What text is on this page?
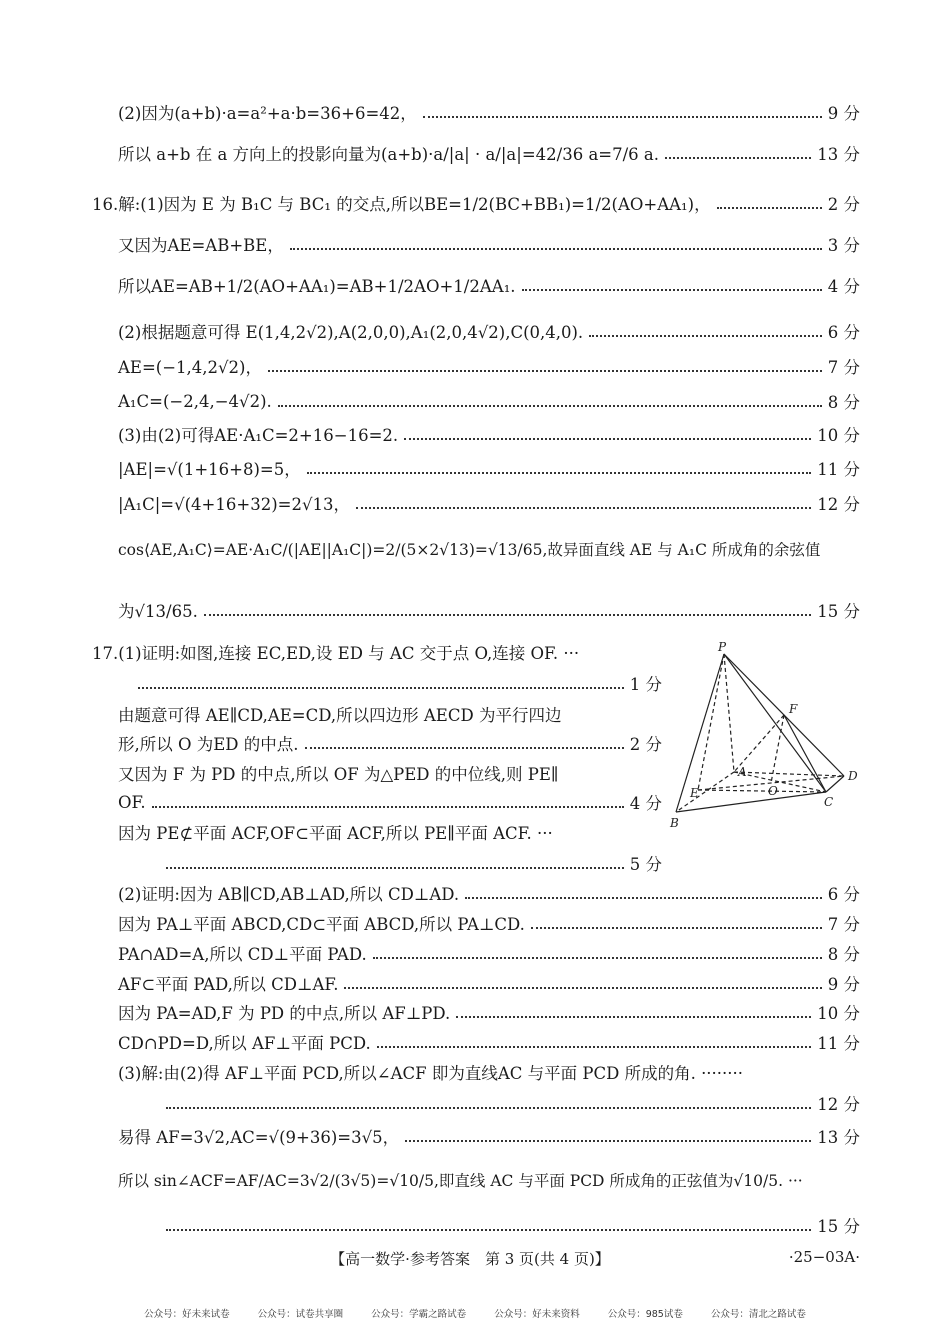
(2)因为(a+b)·a=a²+a·b=36+6=42，	9 分
所以 a+b 在 a 方向上的投影向量为(a+b)·a/|a| · a/|a|=42/36 a=7/6 a.	13 分
16.解:(1)因为 E 为 B₁C 与 BC₁ 的交点,所以BE=1/2(BC+BB₁)=1/2(AO+AA₁)，	2 分
又因为AE=AB+BE，	3 分
所以AE=AB+1/2(AO+AA₁)=AB+1/2AO+1/2AA₁.	4 分
(2)根据题意可得 E(1,4,2√2),A(2,0,0),A₁(2,0,4√2),C(0,4,0).	6 分
AE=(−1,4,2√2)，	7 分
A₁C=(−2,4,−4√2).	8 分
(3)由(2)可得AE·A₁C=2+16−16=2.	10 分
|AE|=√(1+16+8)=5，	11 分
|A₁C|=√(4+16+32)=2√13，	12 分
cos⟨AE,A₁C⟩=AE·A₁C/(|AE||A₁C|)=2/(5×2√13)=√13/65,故异面直线 AE 与 A₁C 所成角的余弦值
为√13/65.	15 分
17.(1)证明:如图,连接 EC,ED,设 ED 与 AC 交于点 O,连接 OF. ···
1 分
由题意可得 AE∥CD,AE=CD,所以四边形 AECD 为平行四边
形,所以 O 为ED 的中点.	2 分
又因为 F 为 PD 的中点,所以 OF 为△PED 的中位线,则 PE∥
OF.	4 分
因为 PE⊄平面 ACF,OF⊂平面 ACF,所以 PE∥平面 ACF. ···
5 分
P
F
A	D
O
E
C
B
(2)证明:因为 AB∥CD,AB⊥AD,所以 CD⊥AD.	6 分
因为 PA⊥平面 ABCD,CD⊂平面 ABCD,所以 PA⊥CD.	7 分
PA∩AD=A,所以 CD⊥平面 PAD.	8 分
AF⊂平面 PAD,所以 CD⊥AF.	9 分
因为 PA=AD,F 为 PD 的中点,所以 AF⊥PD.	10 分
CD∩PD=D,所以 AF⊥平面 PCD.	11 分
(3)解:由(2)得 AF⊥平面 PCD,所以∠ACF 即为直线AC 与平面 PCD 所成的角. ········
12 分
易得 AF=3√2,AC=√(9+36)=3√5，	13 分
所以 sin∠ACF=AF/AC=3√2/(3√5)=√10/5,即直线 AC 与平面 PCD 所成角的正弦值为√10/5. ···
15 分
【高一数学·参考答案　第 3 页(共 4 页)】	·25−03A·
公众号：好未来试卷	公众号：试卷共享圈	公众号：学霸之路试卷	公众号：好未来资料	公众号：985试卷	公众号：清北之路试卷
